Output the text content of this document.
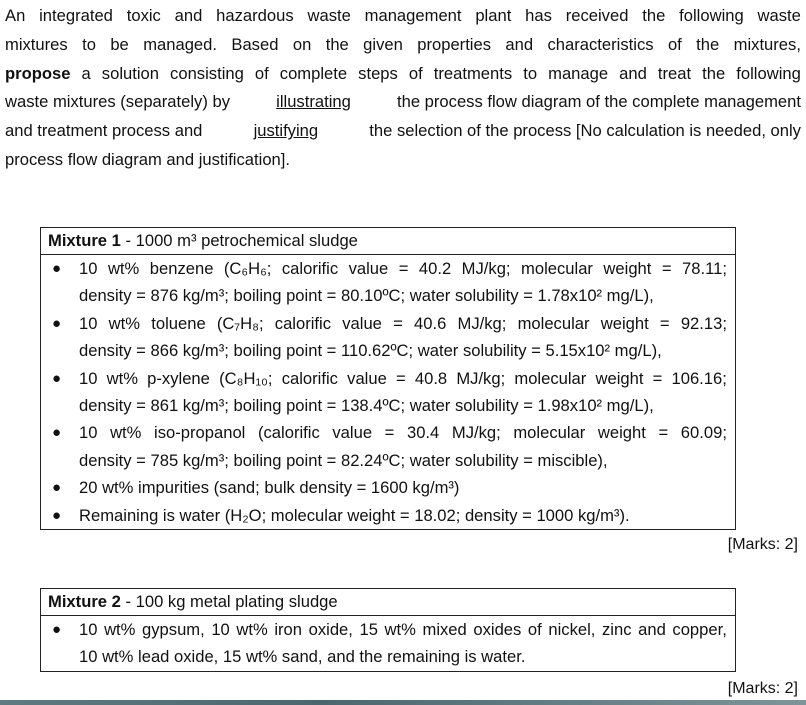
An integrated toxic and hazardous waste management plant has received the following waste
mixtures to be managed. Based on the given properties and characteristics of the mixtures,
propose a solution consisting of complete steps of treatments to manage and treat the following
waste mixtures (separately) by	illustrating	the process flow diagram of the complete management
and treatment process and	justifying	the selection of the process [No calculation is needed, only
process flow diagram and justification].
Mixture 1 - 1000 m³ petrochemical sludge
● 10 wt% benzene (C₆H₆; calorific value = 40.2 MJ/kg; molecular weight = 78.11;
density = 876 kg/m³; boiling point = 80.10ºC; water solubility = 1.78x10² mg/L),
● 10 wt% toluene (C₇H₈; calorific value = 40.6 MJ/kg; molecular weight = 92.13;
density = 866 kg/m³; boiling point = 110.62ºC; water solubility = 5.15x10² mg/L),
● 10 wt% p-xylene (C₈H₁₀; calorific value = 40.8 MJ/kg; molecular weight = 106.16;
density = 861 kg/m³; boiling point = 138.4ºC; water solubility = 1.98x10² mg/L),
● 10 wt% iso-propanol (calorific value = 30.4 MJ/kg; molecular weight = 60.09;
density = 785 kg/m³; boiling point = 82.24ºC; water solubility = miscible),
● 20 wt% impurities (sand; bulk density = 1600 kg/m³)
● Remaining is water (H₂O; molecular weight = 18.02; density = 1000 kg/m³).
[Marks: 2]
Mixture 2 - 100 kg metal plating sludge
● 10 wt% gypsum, 10 wt% iron oxide, 15 wt% mixed oxides of nickel, zinc and copper,
10 wt% lead oxide, 15 wt% sand, and the remaining is water.
[Marks: 2]
